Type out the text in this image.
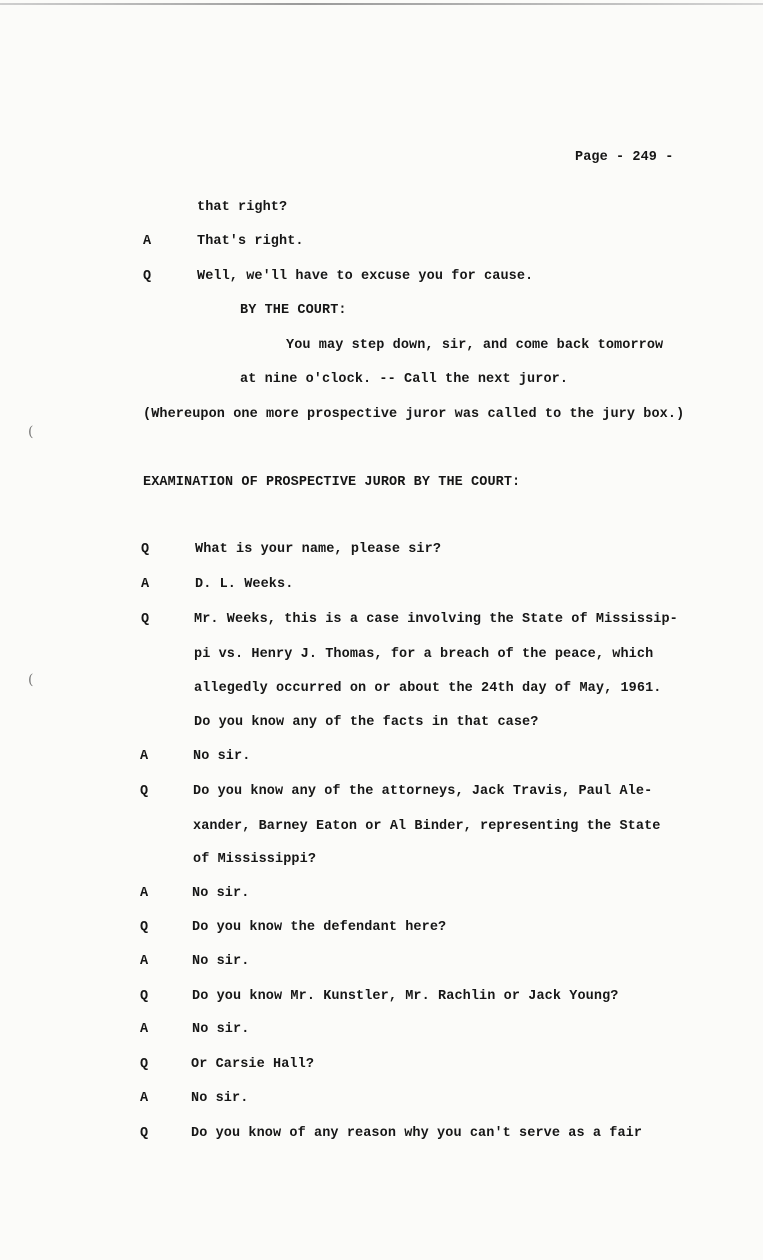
(
(
Page - 249 -
that right?
A	That's right.
Q	Well, we'll have to excuse you for cause.
BY THE COURT:
You may step down, sir, and come back tomorrow
at nine o'clock. -- Call the next juror.
(Whereupon one more prospective juror was called to the jury box.)
EXAMINATION OF PROSPECTIVE JUROR BY THE COURT:
Q	What is your name, please sir?
A	D. L. Weeks.
Q	Mr. Weeks, this is a case involving the State of Mississip-
pi vs. Henry J. Thomas, for a breach of the peace, which
allegedly occurred on or about the 24th day of May, 1961.
Do you know any of the facts in that case?
A	No sir.
Q	Do you know any of the attorneys, Jack Travis, Paul Ale-
xander, Barney Eaton or Al Binder, representing the State
of Mississippi?
A	No sir.
Q	Do you know the defendant here?
A	No sir.
Q	Do you know Mr. Kunstler, Mr. Rachlin or Jack Young?
A	No sir.
Q	Or Carsie Hall?
A	No sir.
Q	Do you know of any reason why you can't serve as a fair
